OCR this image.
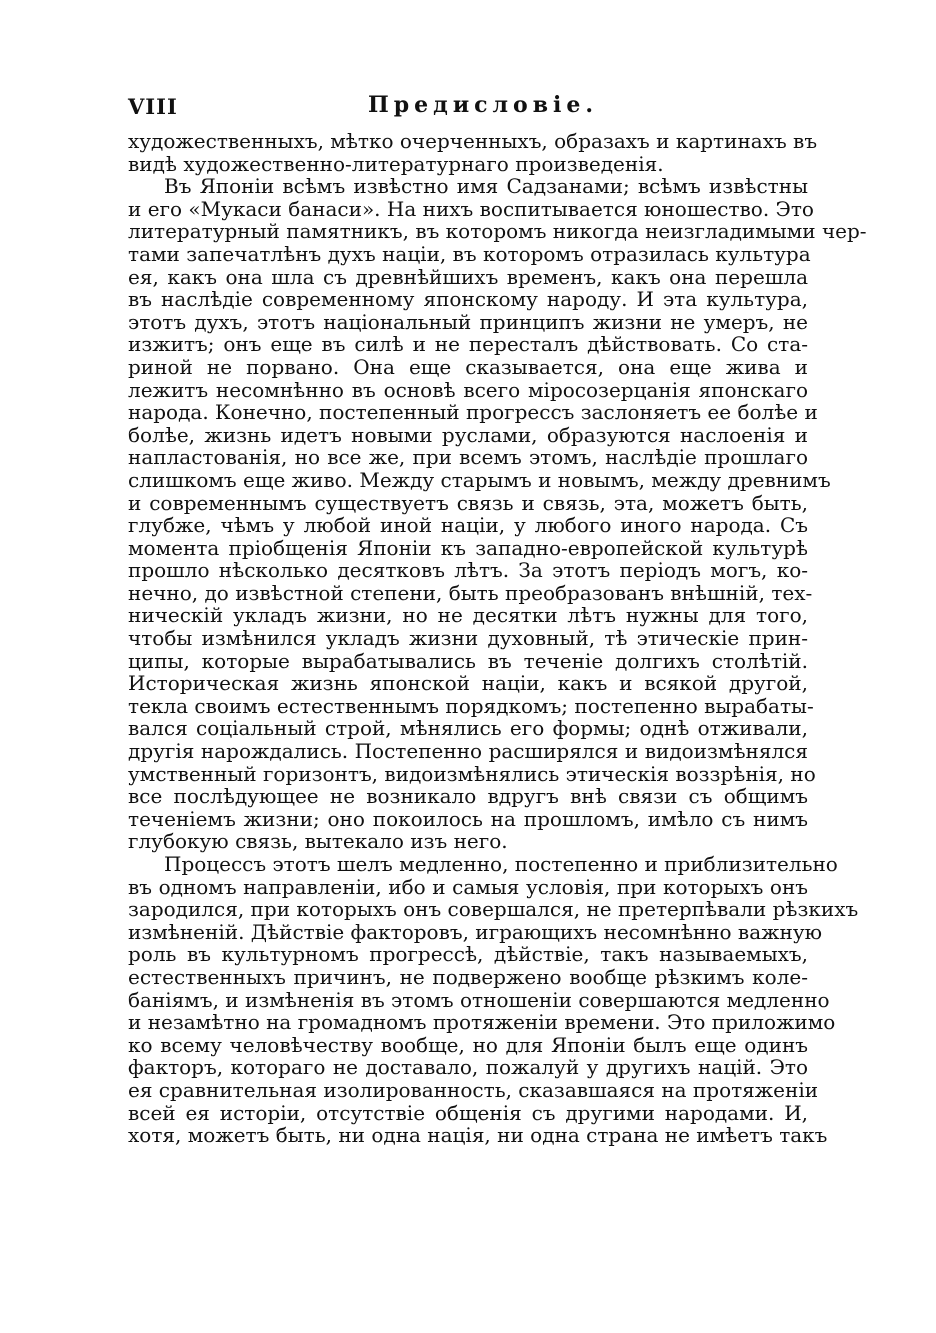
VIII	Предисловіе.
художественныхъ, мѣтко очерченныхъ, образахъ и картинахъ въ
видѣ художественно-литературнаго произведенія.
Въ Японіи всѣмъ извѣстно имя Садзанами; всѣмъ извѣстны
и его «Мукаси банаси». На нихъ воспитывается юношество. Это
литературный памятникъ, въ которомъ никогда неизгладимыми чер-
тами запечатлѣнъ духъ націи, въ которомъ отразилась культура
ея, какъ она шла съ древнѣйшихъ временъ, какъ она перешла
въ наслѣдіе современному японскому народу. И эта культура,
этотъ духъ, этотъ національный принципъ жизни не умеръ, не
изжитъ; онъ еще въ силѣ и не пересталъ дѣйствовать. Со ста-
риной не порвано. Она еще сказывается, она еще жива и
лежитъ несомнѣнно въ основѣ всего міросозерцанія японскаго
народа. Конечно, постепенный прогрессъ заслоняетъ ее болѣе и
болѣе, жизнь идетъ новыми руслами, образуются наслоенія и
напластованія, но все же, при всемъ этомъ, наслѣдіе прошлаго
слишкомъ еще живо. Между старымъ и новымъ, между древнимъ
и современнымъ существуетъ связь и связь, эта, можетъ быть,
глубже, чѣмъ у любой иной націи, у любого иного народа. Съ
момента пріобщенія Японіи къ западно-европейской культурѣ
прошло нѣсколько десятковъ лѣтъ. За этотъ періодъ могъ, ко-
нечно, до извѣстной степени, быть преобразованъ внѣшній, тех-
ническій укладъ жизни, но не десятки лѣтъ нужны для того,
чтобы измѣнился укладъ жизни духовный, тѣ этическіе прин-
ципы, которые вырабатывались въ теченіе долгихъ столѣтій.
Историческая жизнь японской націи, какъ и всякой другой,
текла своимъ естественнымъ порядкомъ; постепенно вырабаты-
вался соціальный строй, мѣнялись его формы; однѣ отживали,
другія нарождались. Постепенно расширялся и видоизмѣнялся
умственный горизонтъ, видоизмѣнялись этическія воззрѣнія, но
все послѣдующее не возникало вдругъ внѣ связи съ общимъ
теченіемъ жизни; оно покоилось на прошломъ, имѣло съ нимъ
глубокую связь, вытекало изъ него.
Процессъ этотъ шелъ медленно, постепенно и приблизительно
въ одномъ направленіи, ибо и самыя условія, при которыхъ онъ
зародился, при которыхъ онъ совершался, не претерпѣвали рѣзкихъ
измѣненій. Дѣйствіе факторовъ, играющихъ несомнѣнно важную
роль въ культурномъ прогрессѣ, дѣйствіе, такъ называемыхъ,
естественныхъ причинъ, не подвержено вообще рѣзкимъ коле-
баніямъ, и измѣненія въ этомъ отношеніи совершаются медленно
и незамѣтно на громадномъ протяженіи времени. Это приложимо
ко всему человѣчеству вообще, но для Японіи былъ еще одинъ
факторъ, котораго не доставало, пожалуй у другихъ націй. Это
ея сравнительная изолированность, сказавшаяся на протяженіи
всей ея исторіи, отсутствіе общенія съ другими народами. И,
хотя, можетъ быть, ни одна нація, ни одна страна не имѣетъ такъ
